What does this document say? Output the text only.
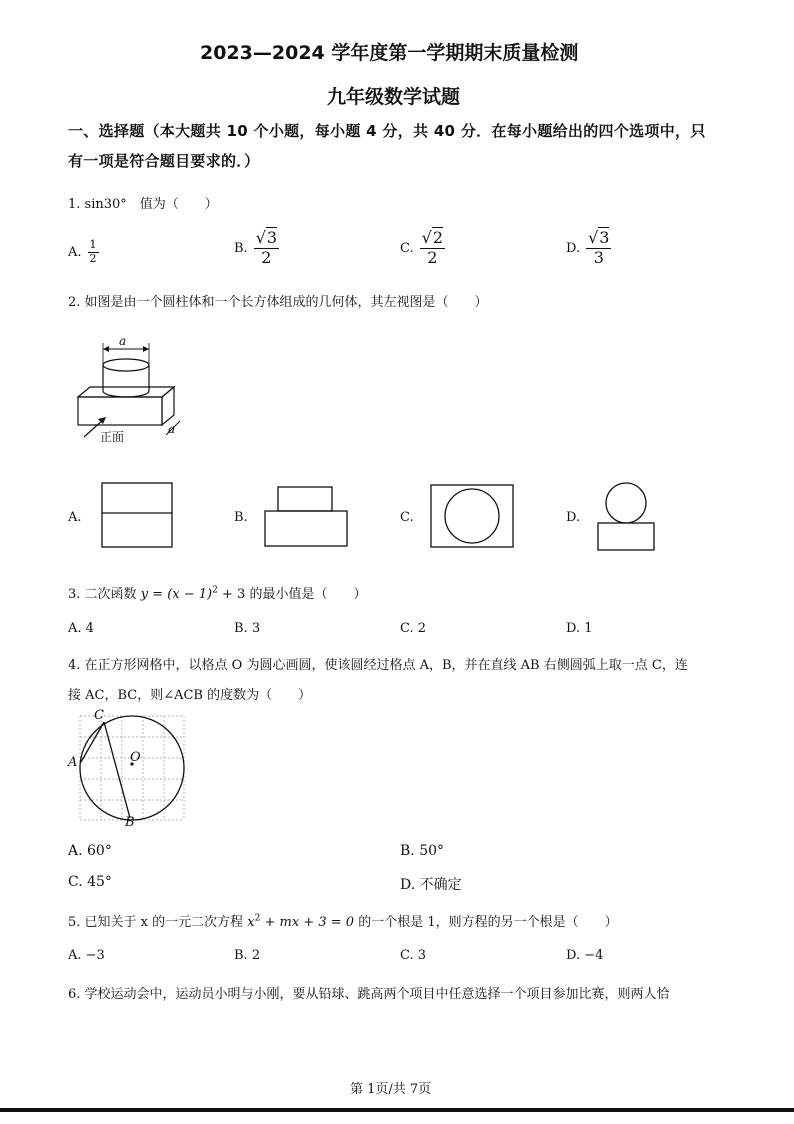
2023—2024 学年度第一学期期末质量检测
九年级数学试题
一、选择题（本大题共 10 个小题，每小题 4 分，共 40 分．在每小题给出的四个选项中，只
有一项是符合题目要求的．）
1. sin30°　值为（　　）
A. $\frac{1}{2}$	B. $\frac{√3}{2}$	C. $\frac{√2}{2}$	D. $\frac{√3}{3}$
2. 如图是由一个圆柱体和一个长方体组成的几何体，其左视图是（　　）
a
a
正面
A.	B.	C.	D.
3. 二次函数 $y = (x - 1)^2 + 3$ 的最小值是（　　）
A. 4	B. 3	C. 2	D. 1
4. 在正方形网格中，以格点 O 为圆心画圆，使该圆经过格点 A，B，并在直线 AB 右侧圆弧上取一点 C，连
接 AC，BC，则∠ACB 的度数为（　　）
C
A	O
B
A. 60°	B. 50°
C. 45°	D. 不确定
5. 已知关于 x 的一元二次方程 $x^2$ + mx + 3 = 0 的一个根是 1，则方程的另一个根是（　　）
A. −3	B. 2	C. 3	D. −4
6. 学校运动会中，运动员小明与小刚，要从铅球、跳高两个项目中任意选择一个项目参加比赛，则两人恰
第 1页/共 7页
